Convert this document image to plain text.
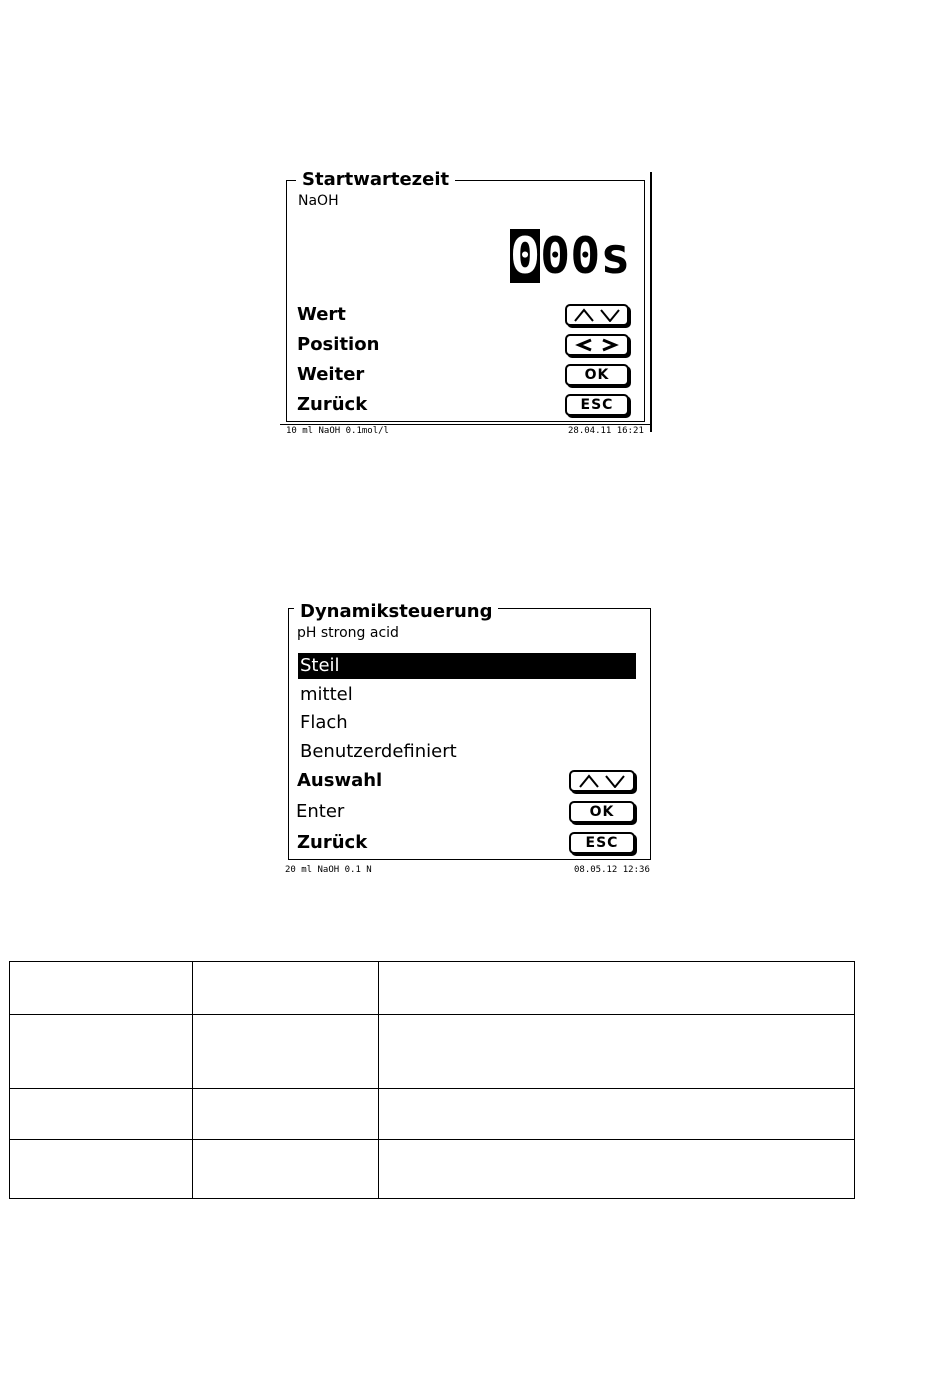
Startwartezeit
NaOH
0 00s
Wert
Position
Weiter	OK
Zurück	ESC
10 ml NaOH 0.1mol/l	28.04.11 16:21
Dynamiksteuerung
pH strong acid
Steil
mittel
Flach
Benutzerdefiniert
Auswahl
Enter	OK
Zurück	ESC
20 ml NaOH 0.1 N	08.05.12 12:36
